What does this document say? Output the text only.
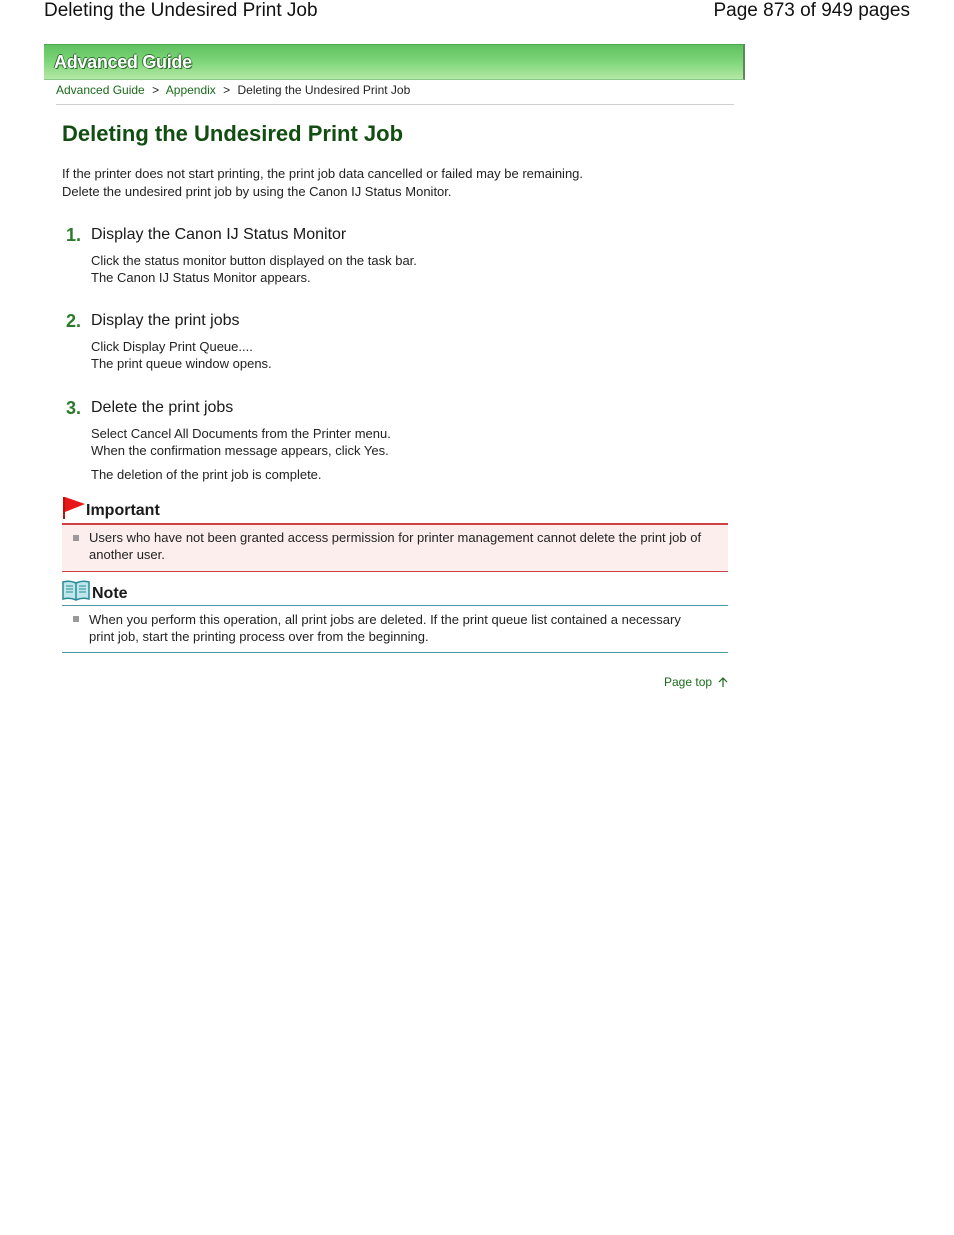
Deleting the Undesired Print Job	Page 873 of 949 pages
Advanced Guide
Advanced Guide > Appendix > Deleting the Undesired Print Job
Deleting the Undesired Print Job
If the printer does not start printing, the print job data cancelled or failed may be remaining.
Delete the undesired print job by using the Canon IJ Status Monitor.
1. Display the Canon IJ Status Monitor
Click the status monitor button displayed on the task bar.
The Canon IJ Status Monitor appears.
2. Display the print jobs
Click Display Print Queue....
The print queue window opens.
3. Delete the print jobs
Select Cancel All Documents from the Printer menu.
When the confirmation message appears, click Yes.
The deletion of the print job is complete.
Important
Users who have not been granted access permission for printer management cannot delete the print job of another user.
Note
When you perform this operation, all print jobs are deleted. If the print queue list contained a necessary print job, start the printing process over from the beginning.
Page top
